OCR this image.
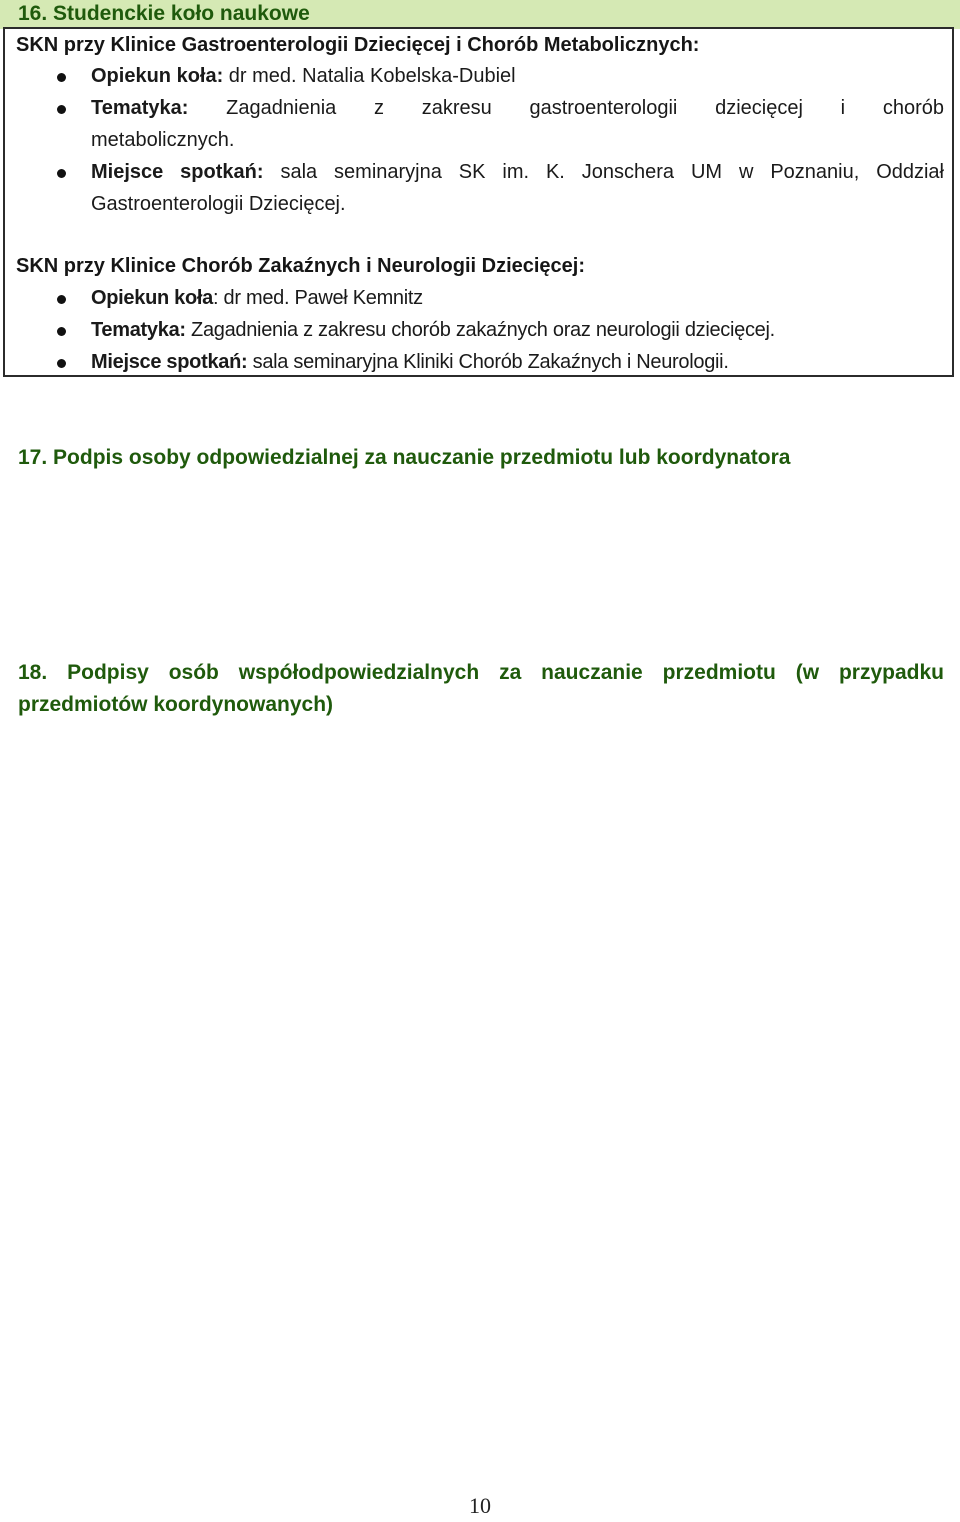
16. Studenckie koło naukowe
SKN przy Klinice Gastroenterologii Dziecięcej i Chorób Metabolicznych:
Opiekun koła: dr med. Natalia Kobelska-Dubiel
Tematyka: Zagadnienia z zakresu gastroenterologii dziecięcej i chorób
metabolicznych.
Miejsce spotkań: sala seminaryjna SK im. K. Jonschera UM w Poznaniu, Oddział
Gastroenterologii Dziecięcej.
SKN przy Klinice Chorób Zakaźnych i Neurologii Dziecięcej:
Opiekun koła: dr med. Paweł Kemnitz
Tematyka: Zagadnienia z zakresu chorób zakaźnych oraz neurologii dziecięcej.
Miejsce spotkań: sala seminaryjna Kliniki Chorób Zakaźnych i Neurologii.
17. Podpis osoby odpowiedzialnej za nauczanie przedmiotu lub koordynatora
18. Podpisy osób współodpowiedzialnych za nauczanie przedmiotu (w przypadku
przedmiotów koordynowanych)
10
